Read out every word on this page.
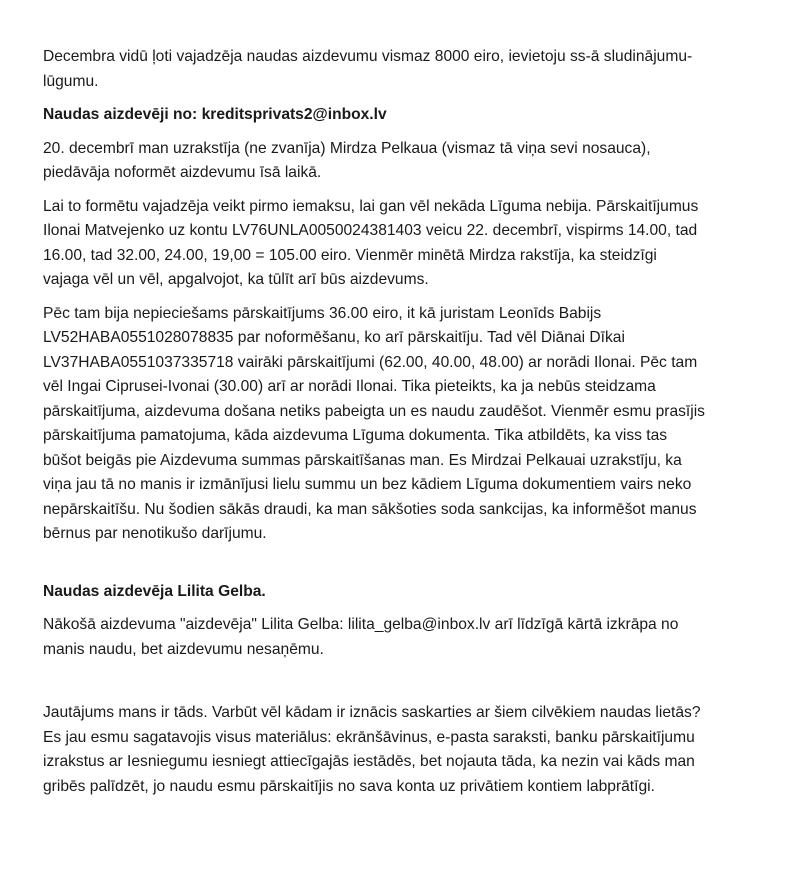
Decembra vidū ļoti vajadzēja naudas aizdevumu vismaz 8000 eiro, ievietoju ss-ā sludinājumu-
lūgumu.

Naudas aizdevēji no: kreditsprivats2@inbox.lv

20. decembrī man uzrakstīja (ne zvanīja) Mirdza Pelkaua (vismaz tā viņa sevi nosauca),
piedāvāja noformēt aizdevumu īsā laikā.

Lai to formētu vajadzēja veikt pirmo iemaksu, lai gan vēl nekāda Līguma nebija. Pārskaitījumus
Ilonai Matvejenko uz kontu LV76UNLA0050024381403 veicu 22. decembrī, vispirms 14.00, tad
16.00, tad 32.00, 24.00, 19,00 = 105.00 eiro. Vienmēr minētā Mirdza rakstīja, ka steidzīgi
vajaga vēl un vēl, apgalvojot, ka tūlīt arī būs aizdevums.

Pēc tam bija nepieciešams pārskaitījums 36.00 eiro, it kā juristam Leonīds Babijs
LV52HABA0551028078835 par noformēšanu, ko arī pārskaitīju. Tad vēl Diānai Dīkai
LV37HABA0551037335718 vairāki pārskaitījumi (62.00, 40.00, 48.00) ar norādi Ilonai. Pēc tam
vēl Ingai Ciprusei-Ivonai (30.00) arī ar norādi Ilonai. Tika pieteikts, ka ja nebūs steidzama
pārskaitījuma, aizdevuma došana netiks pabeigta un es naudu zaudēšot. Vienmēr esmu prasījis
pārskaitījuma pamatojuma, kāda aizdevuma Līguma dokumenta. Tika atbildēts, ka viss tas
būšot beigās pie Aizdevuma summas pārskaitīšanas man. Es Mirdzai Pelkauai uzrakstīju, ka
viņa jau tā no manis ir izmānījusi lielu summu un bez kādiem Līguma dokumentiem vairs neko
nepārskaitīšu. Nu šodien sākās draudi, ka man sākšoties soda sankcijas, ka informēšot manus
bērnus par nenotikušo darījumu.

Naudas aizdevēja Lilita Gelba.

Nākošā aizdevuma "aizdevēja" Lilita Gelba: lilita_gelba@inbox.lv arī līdzīgā kārtā izkrāpa no
manis naudu, bet aizdevumu nesaņēmu.

Jautājums mans ir tāds. Varbūt vēl kādam ir iznācis saskarties ar šiem cilvēkiem naudas lietās?
Es jau esmu sagatavojis visus materiālus: ekrānšāvinus, e-pasta saraksti, banku pārskaitījumu
izrakstus ar Iesniegumu iesniegt attiecīgajās iestādēs, bet nojauta tāda, ka nezin vai kāds man
gribēs palīdzēt, jo naudu esmu pārskaitījis no sava konta uz privātiem kontiem labprātīgi.
